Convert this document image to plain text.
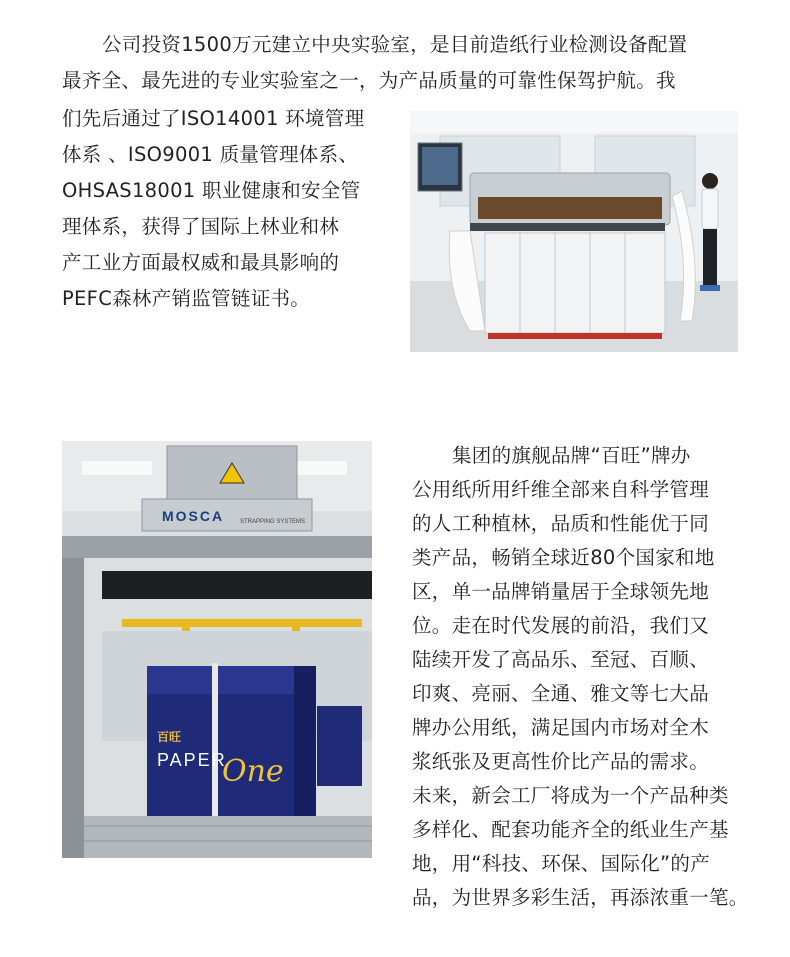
公司投资1500万元建立中央实验室，是目前造纸行业检测设备配置

最齐全、最先进的专业实验室之一，为产品质量的可靠性保驾护航。我

们先后通过了ISO14001 环境管理

体系 、ISO9001 质量管理体系、

OHSAS18001 职业健康和安全管

理体系，获得了国际上林业和林

产工业方面最权威和最具影响的

PEFC森林产销监管链证书。

MOSCA	STRAPPING SYSTEMS
百旺
PAPER
One

集团的旗舰品牌“百旺”牌办

公用纸所用纤维全部来自科学管理

的人工种植林，品质和性能优于同

类产品，畅销全球近80个国家和地

区，单一品牌销量居于全球领先地

位。走在时代发展的前沿，我们又

陆续开发了高品乐、至冠、百顺、

印爽、亮丽、全通、雅文等七大品

牌办公用纸，满足国内市场对全木

浆纸张及更高性价比产品的需求。

未来，新会工厂将成为一个产品种类

多样化、配套功能齐全的纸业生产基

地，用“科技、环保、国际化”的产

品，为世界多彩生活，再添浓重一笔。
